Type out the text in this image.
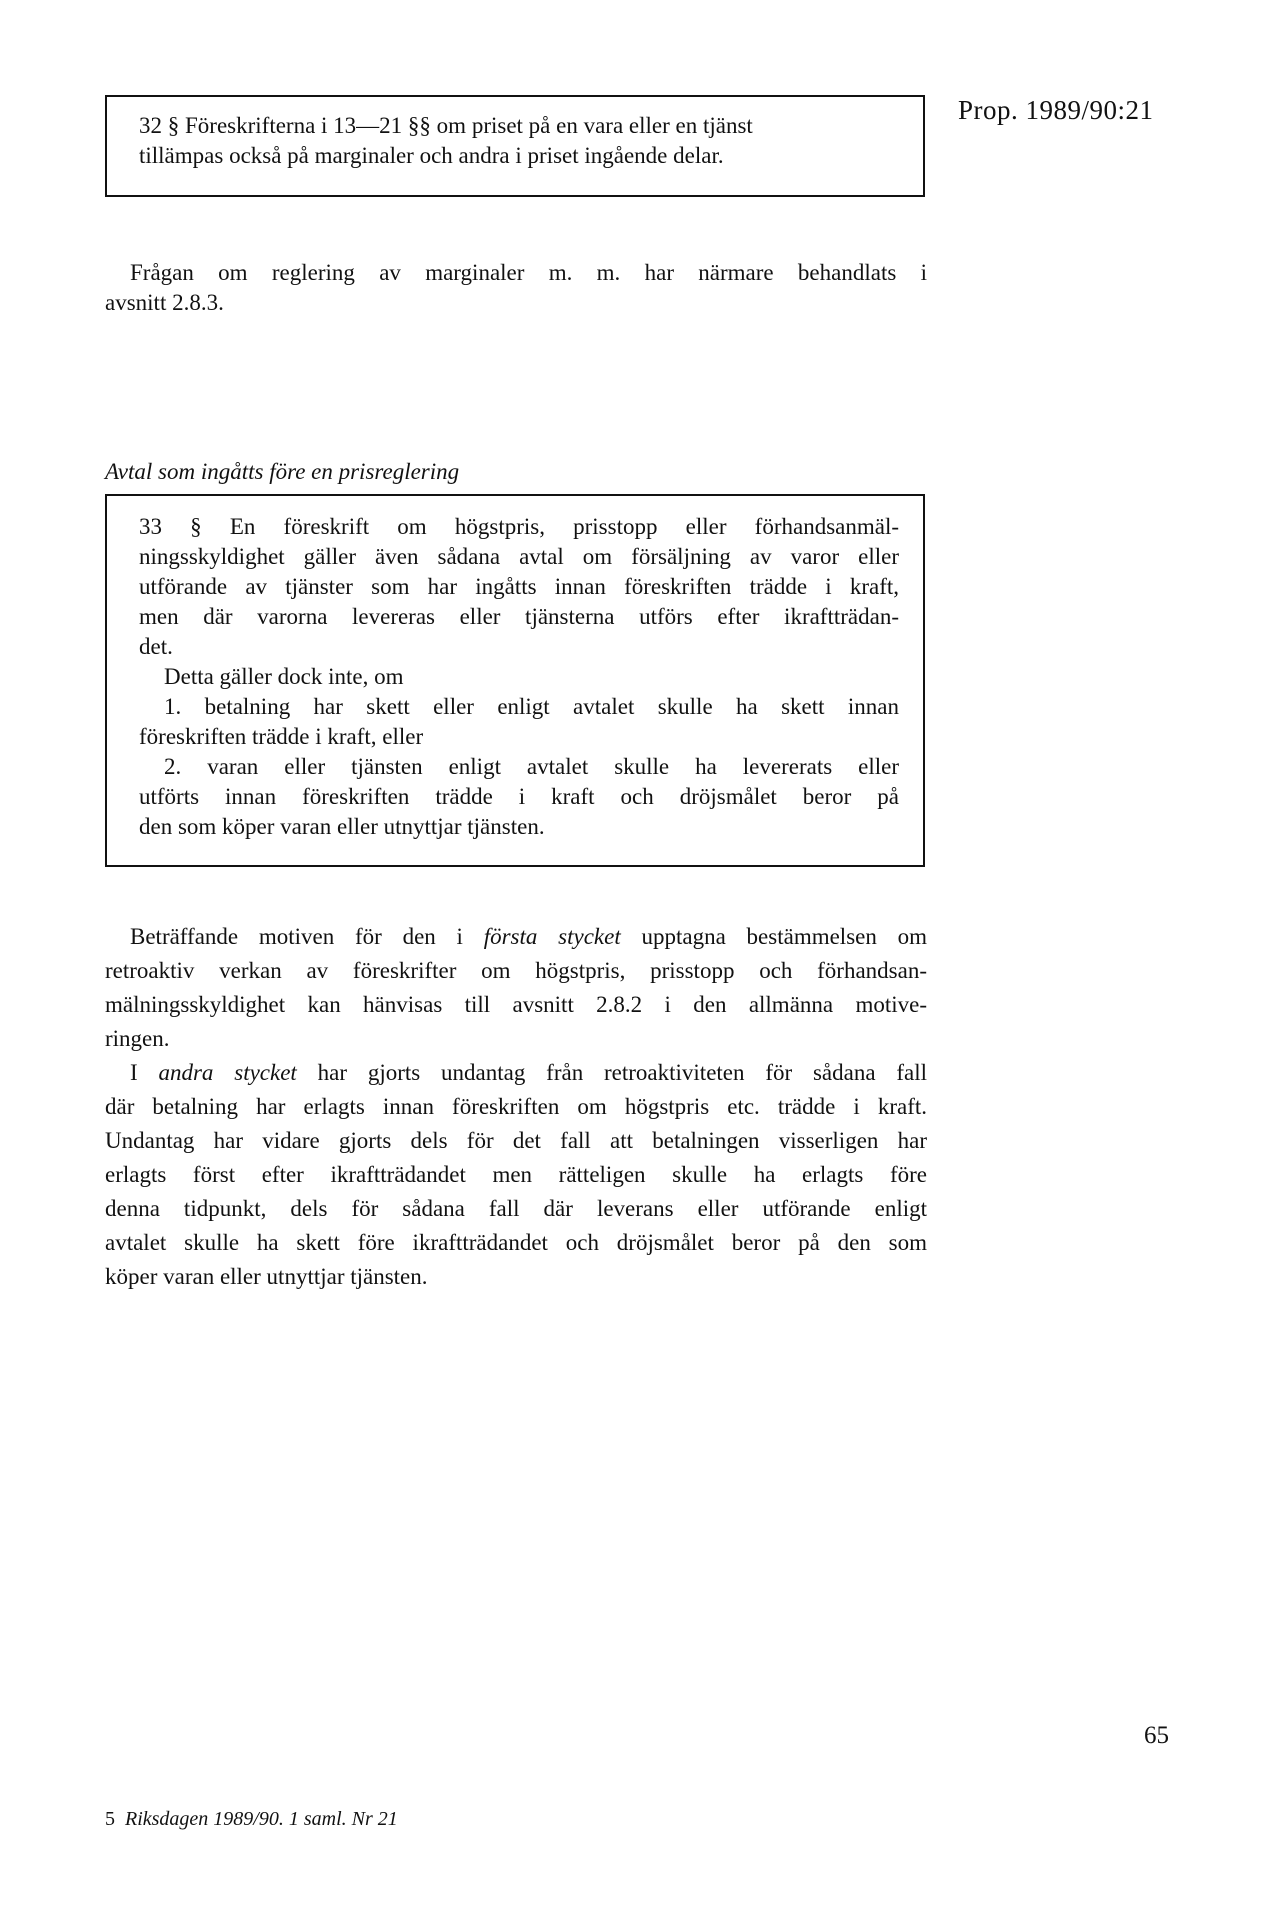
Prop. 1989/90:21
32 § Föreskrifterna i 13—21 §§ om priset på en vara eller en tjänst
tillämpas också på marginaler och andra i priset ingående delar.
Frågan om reglering av marginaler m. m. har närmare behandlats i
avsnitt 2.8.3.
Avtal som ingåtts före en prisreglering
33 § En föreskrift om högstpris, prisstopp eller förhandsanmäl-
ningsskyldighet gäller även sådana avtal om försäljning av varor eller
utförande av tjänster som har ingåtts innan föreskriften trädde i kraft,
men där varorna levereras eller tjänsterna utförs efter ikraftträdan-
det.
Detta gäller dock inte, om
1. betalning har skett eller enligt avtalet skulle ha skett innan
föreskriften trädde i kraft, eller
2. varan eller tjänsten enligt avtalet skulle ha levererats eller
utförts innan föreskriften trädde i kraft och dröjsmålet beror på
den som köper varan eller utnyttjar tjänsten.
Beträffande motiven för den i första stycket upptagna bestämmelsen om
retroaktiv verkan av föreskrifter om högstpris, prisstopp och förhandsan-
mälningsskyldighet kan hänvisas till avsnitt 2.8.2 i den allmänna motive-
ringen.
I andra stycket har gjorts undantag från retroaktiviteten för sådana fall
där betalning har erlagts innan föreskriften om högstpris etc. trädde i kraft.
Undantag har vidare gjorts dels för det fall att betalningen visserligen har
erlagts först efter ikraftträdandet men rätteligen skulle ha erlagts före
denna tidpunkt, dels för sådana fall där leverans eller utförande enligt
avtalet skulle ha skett före ikraftträdandet och dröjsmålet beror på den som
köper varan eller utnyttjar tjänsten.
65
5  Riksdagen 1989/90. 1 saml. Nr 21
